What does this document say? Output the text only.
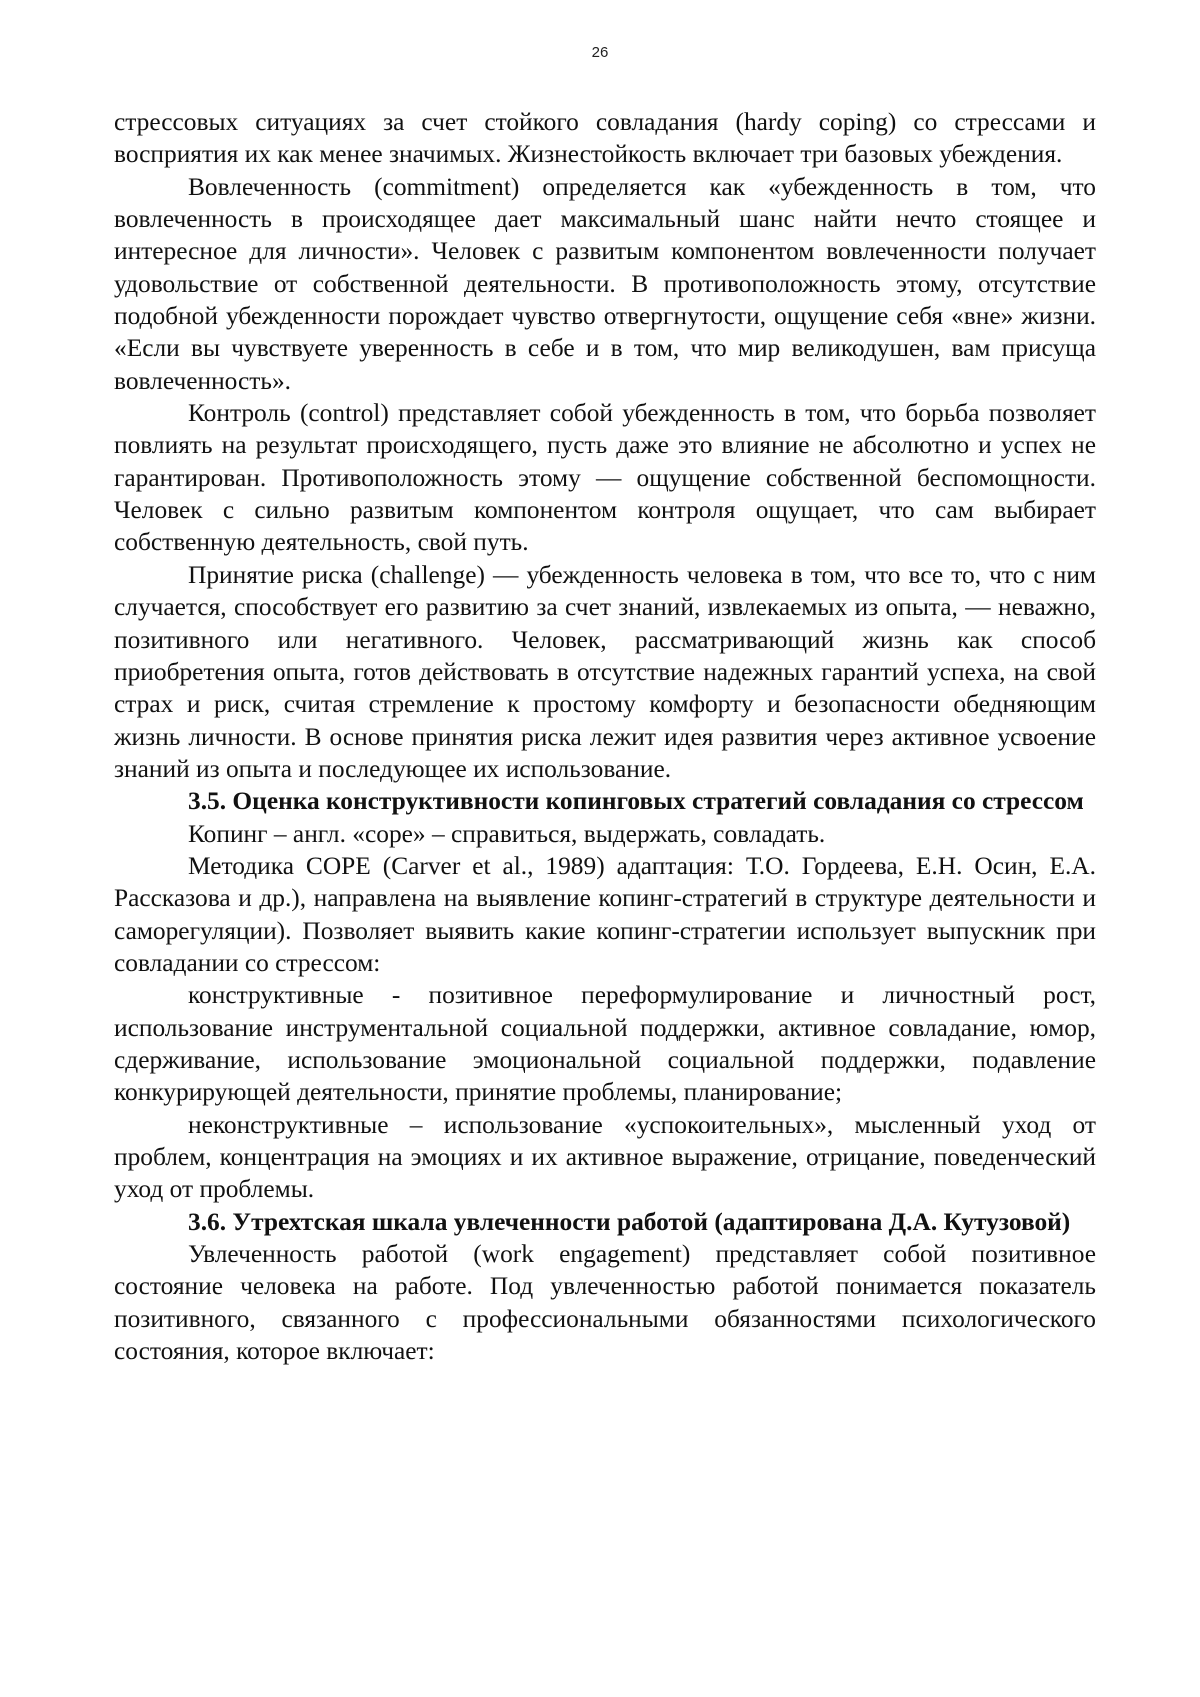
26

стрессовых ситуациях за счет стойкого совладания (hardy coping) со стрессами и восприятия их как менее значимых. Жизнестойкость включает три базовых убеждения.

Вовлеченность (commitment) определяется как «убежденность в том, что вовлеченность в происходящее дает максимальный шанс найти нечто стоящее и интересное для личности». Человек с развитым компонентом вовлеченности получает удовольствие от собственной деятельности. В противоположность этому, отсутствие подобной убежденности порождает чувство отвергнутости, ощущение себя «вне» жизни. «Если вы чувствуете уверенность в себе и в том, что мир великодушен, вам присуща вовлеченность».

Контроль (control) представляет собой убежденность в том, что борьба позволяет повлиять на результат происходящего, пусть даже это влияние не абсолютно и успех не гарантирован. Противоположность этому — ощущение собственной беспомощности. Человек с сильно развитым компонентом контроля ощущает, что сам выбирает собственную деятельность, свой путь.

Принятие риска (challenge) — убежденность человека в том, что все то, что с ним случается, способствует его развитию за счет знаний, извлекаемых из опыта, — неважно, позитивного или негативного. Человек, рассматривающий жизнь как способ приобретения опыта, готов действовать в отсутствие надежных гарантий успеха, на свой страх и риск, считая стремление к простому комфорту и безопасности обедняющим жизнь личности. В основе принятия риска лежит идея развития через активное усвоение знаний из опыта и последующее их использование.

3.5. Оценка конструктивности копинговых стратегий совладания со стрессом

Копинг – англ. «cope» – справиться, выдержать, совладать.

Методика COPE (Carver et al., 1989) адаптация: Т.О. Гордеева, Е.Н. Осин, Е.А. Рассказова и др.), направлена на выявление копинг-стратегий в структуре деятельности и саморегуляции). Позволяет выявить какие копинг-стратегии использует выпускник при совладании со стрессом:

конструктивные - позитивное переформулирование и личностный рост, использование инструментальной социальной поддержки, активное совладание, юмор, сдерживание, использование эмоциональной социальной поддержки, подавление конкурирующей деятельности, принятие проблемы, планирование;

неконструктивные – использование «успокоительных», мысленный уход от проблем, концентрация на эмоциях и их активное выражение, отрицание, поведенческий уход от проблемы.

3.6. Утрехтская шкала увлеченности работой (адаптирована Д.А. Кутузовой)

Увлеченность работой (work engagement) представляет собой позитивное состояние человека на работе. Под увлеченностью работой понимается показатель позитивного, связанного с профессиональными обязанностями психологического состояния, которое включает:
